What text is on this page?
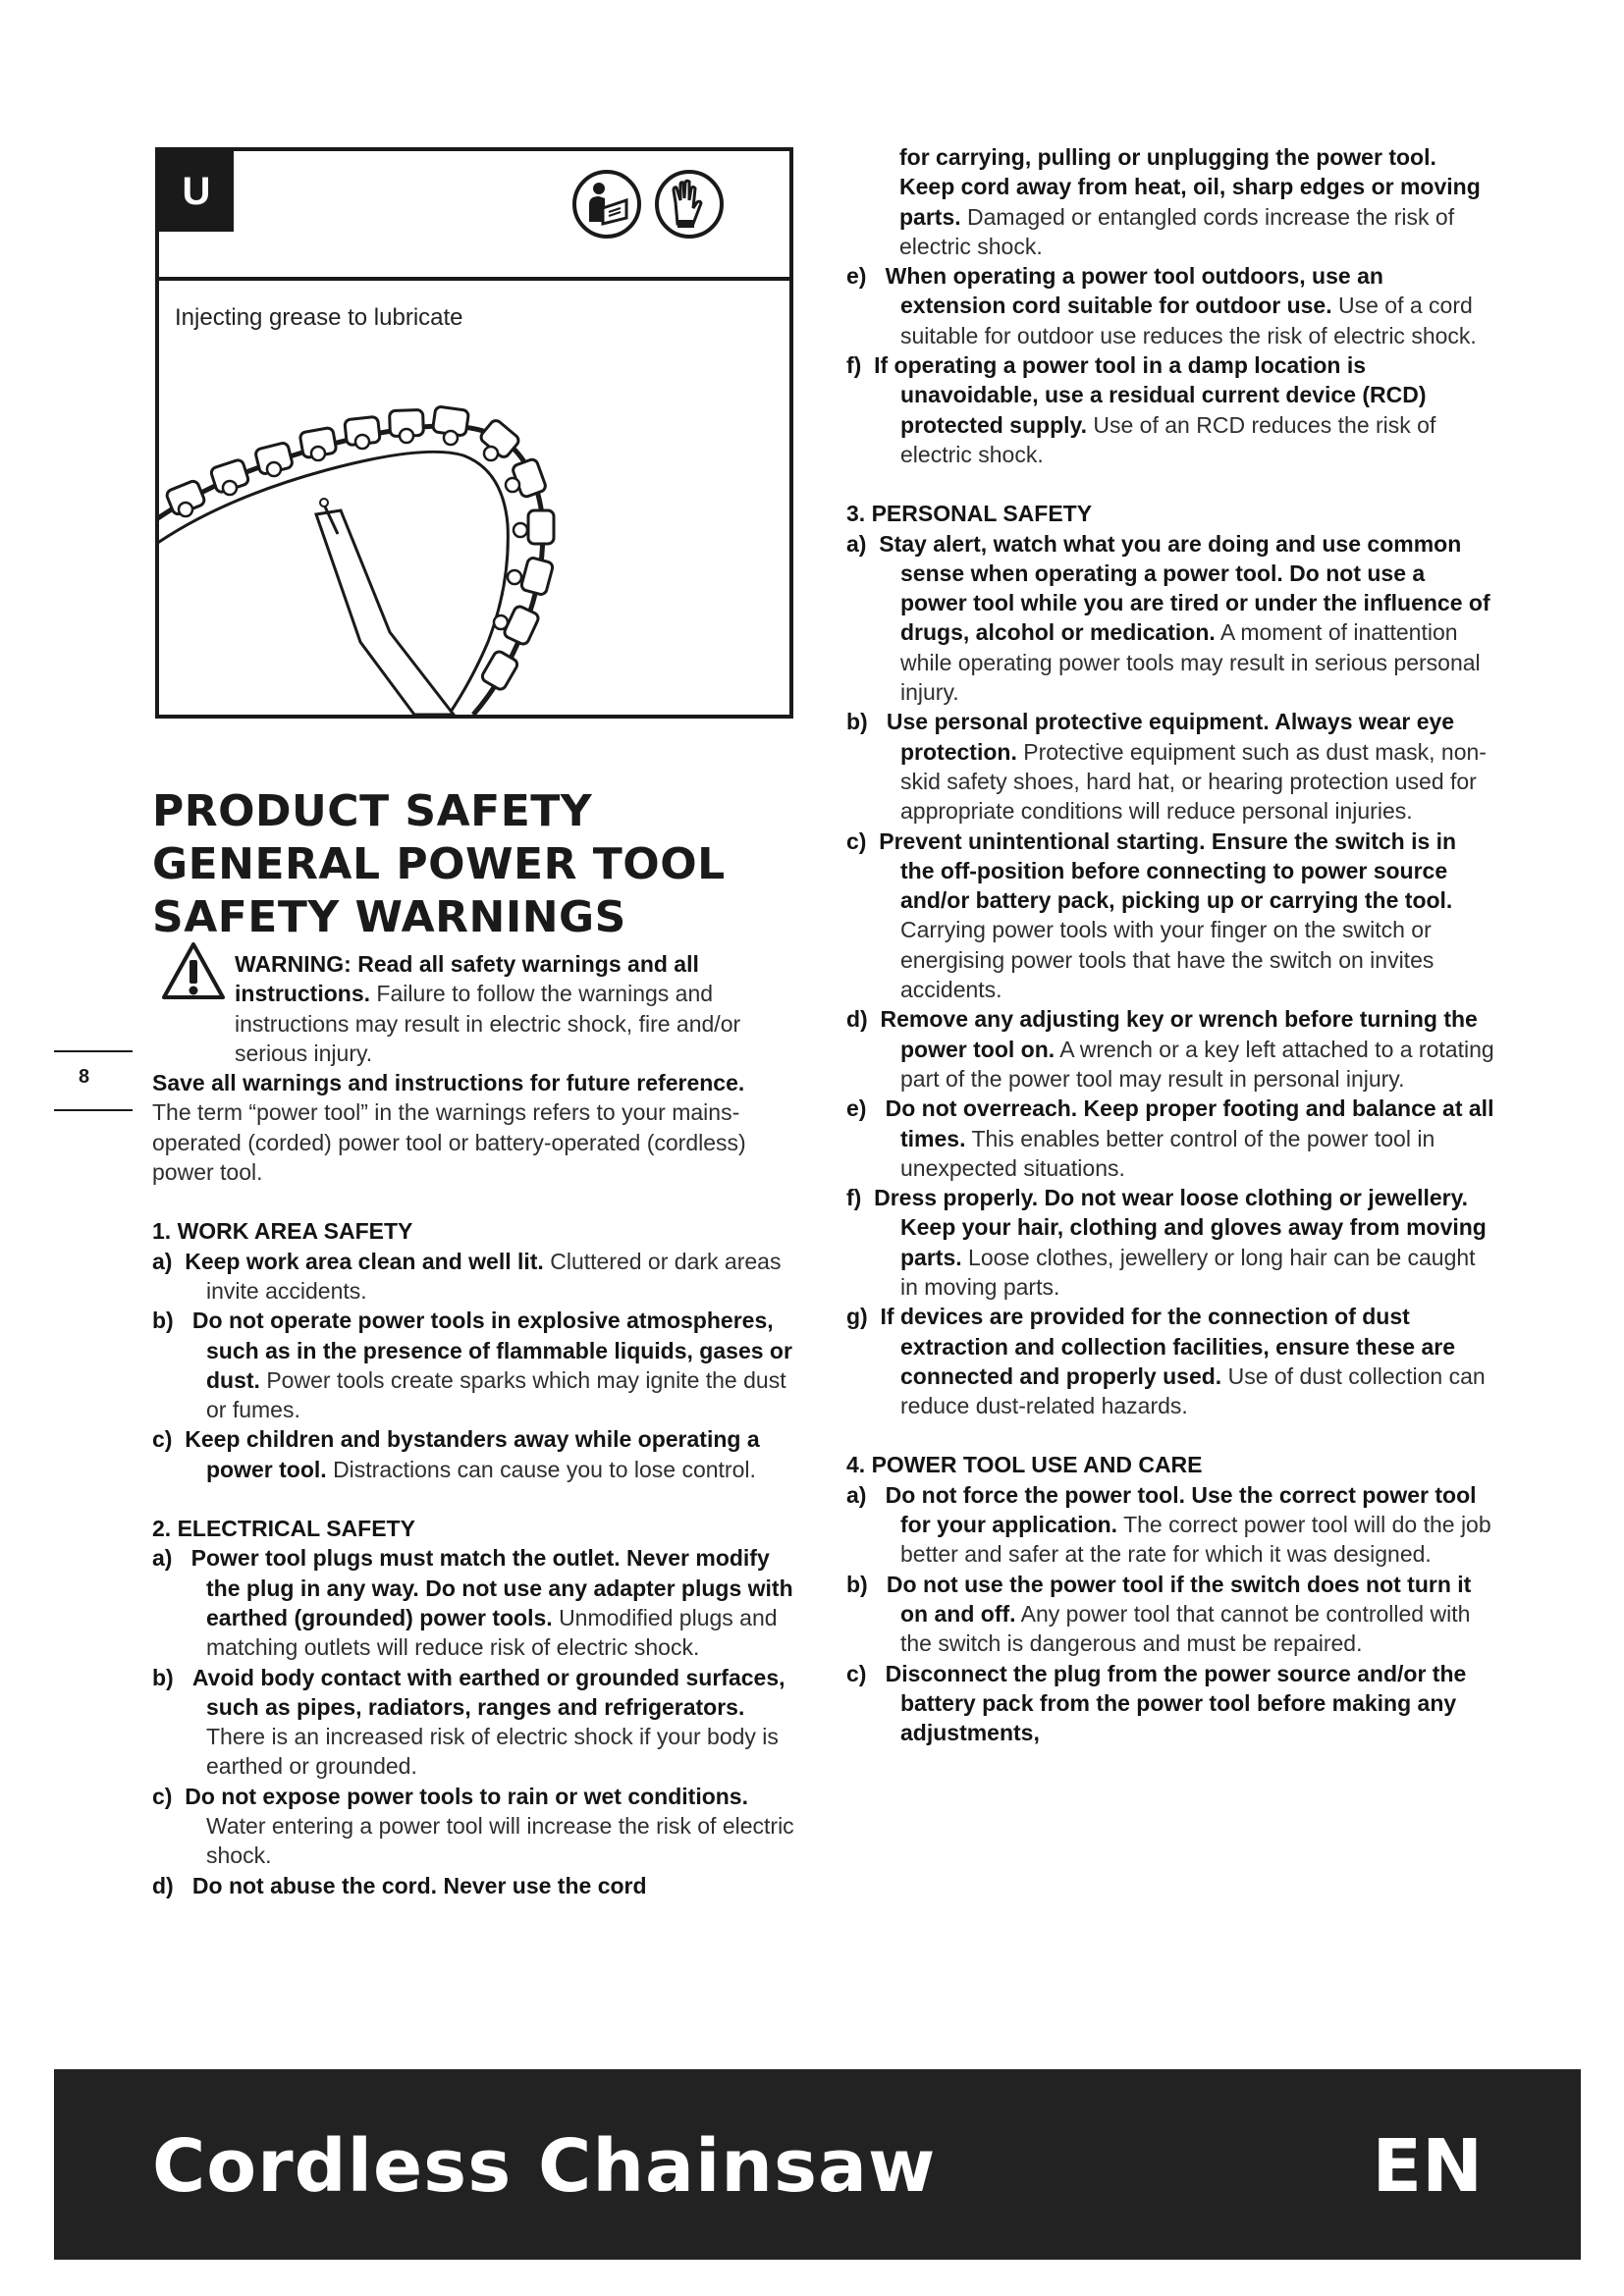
U
Injecting grease to lubricate
PRODUCT SAFETY
GENERAL POWER TOOL
SAFETY WARNINGS

WARNING: Read all safety warnings and all instructions. Failure to follow the warnings and instructions may result in electric shock, fire and/or serious injury.

Save all warnings and instructions for future reference.

The term “power tool” in the warnings refers to your mains-operated (corded) power tool or battery-operated (cordless) power tool.

1. WORK AREA SAFETY

a) Keep work area clean and well lit. Cluttered or dark areas invite accidents.

b) Do not operate power tools in explosive atmospheres, such as in the presence of flammable liquids, gases or dust. Power tools create sparks which may ignite the dust or fumes.

c) Keep children and bystanders away while operating a power tool. Distractions can cause you to lose control.

2. ELECTRICAL SAFETY

a) Power tool plugs must match the outlet. Never modify the plug in any way. Do not use any adapter plugs with earthed (grounded) power tools. Unmodified plugs and matching outlets will reduce risk of electric shock.

b) Avoid body contact with earthed or grounded surfaces, such as pipes, radiators, ranges and refrigerators. There is an increased risk of electric shock if your body is earthed or grounded.

c) Do not expose power tools to rain or wet conditions. Water entering a power tool will increase the risk of electric shock.

d) Do not abuse the cord. Never use the cord

8

for carrying, pulling or unplugging the power tool. Keep cord away from heat, oil, sharp edges or moving parts. Damaged or entangled cords increase the risk of electric shock.

e) When operating a power tool outdoors, use an extension cord suitable for outdoor use. Use of a cord suitable for outdoor use reduces the risk of electric shock.

f) If operating a power tool in a damp location is unavoidable, use a residual current device (RCD) protected supply. Use of an RCD reduces the risk of electric shock.

3. PERSONAL SAFETY

a) Stay alert, watch what you are doing and use common sense when operating a power tool. Do not use a power tool while you are tired or under the influence of drugs, alcohol or medication. A moment of inattention while operating power tools may result in serious personal injury.

b) Use personal protective equipment. Always wear eye protection. Protective equipment such as dust mask, non-skid safety shoes, hard hat, or hearing protection used for appropriate conditions will reduce personal injuries.

c) Prevent unintentional starting. Ensure the switch is in the off-position before connecting to power source and/or battery pack, picking up or carrying the tool. Carrying power tools with your finger on the switch or energising power tools that have the switch on invites accidents.

d) Remove any adjusting key or wrench before turning the power tool on. A wrench or a key left attached to a rotating part of the power tool may result in personal injury.

e) Do not overreach. Keep proper footing and balance at all times. This enables better control of the power tool in unexpected situations.

f) Dress properly. Do not wear loose clothing or jewellery. Keep your hair, clothing and gloves away from moving parts. Loose clothes, jewellery or long hair can be caught in moving parts.

g) If devices are provided for the connection of dust extraction and collection facilities, ensure these are connected and properly used. Use of dust collection can reduce dust-related hazards.

4. POWER TOOL USE AND CARE

a) Do not force the power tool. Use the correct power tool for your application. The correct power tool will do the job better and safer at the rate for which it was designed.

b) Do not use the power tool if the switch does not turn it on and off. Any power tool that cannot be controlled with the switch is dangerous and must be repaired.

c) Disconnect the plug from the power source and/or the battery pack from the power tool before making any adjustments,

Cordless Chainsaw	EN
